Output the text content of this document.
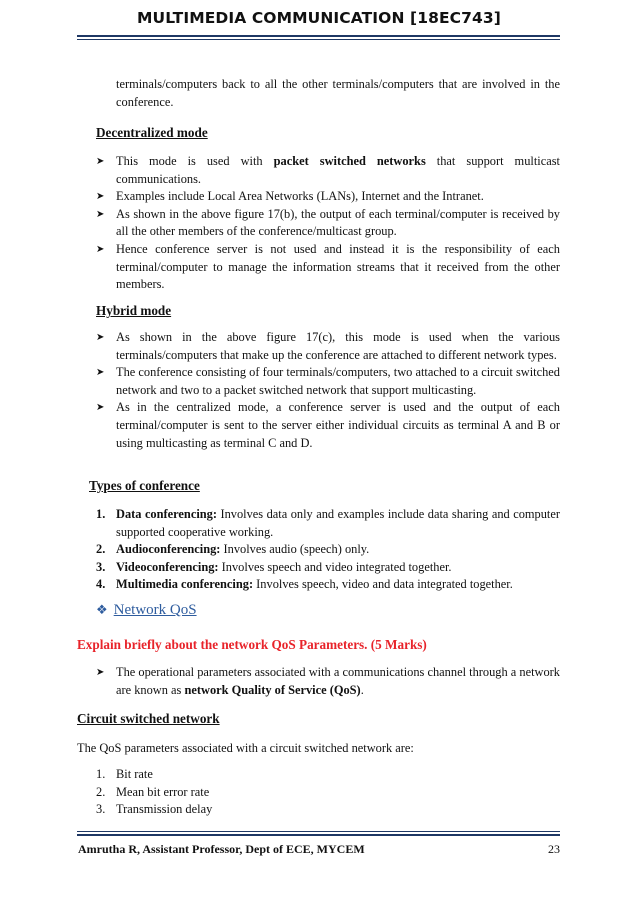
MULTIMEDIA COMMUNICATION [18EC743]
terminals/computers back to all the other terminals/computers that are involved in the conference.
Decentralized mode
➤ This mode is used with packet switched networks that support multicast communications.
➤ Examples include Local Area Networks (LANs), Internet and the Intranet.
➤ As shown in the above figure 17(b), the output of each terminal/computer is received by all the other members of the conference/multicast group.
➤ Hence conference server is not used and instead it is the responsibility of each terminal/computer to manage the information streams that it received from the other members.
Hybrid mode
➤ As shown in the above figure 17(c), this mode is used when the various terminals/computers that make up the conference are attached to different network types.
➤ The conference consisting of four terminals/computers, two attached to a circuit switched network and two to a packet switched network that support multicasting.
➤ As in the centralized mode, a conference server is used and the output of each terminal/computer is sent to the server either individual circuits as terminal A and B or using multicasting as terminal C and D.
Types of conference
1. Data conferencing: Involves data only and examples include data sharing and computer supported cooperative working.
2. Audioconferencing: Involves audio (speech) only.
3. Videoconferencing: Involves speech and video integrated together.
4. Multimedia conferencing: Involves speech, video and data integrated together.
❖ Network QoS
Explain briefly about the network QoS Parameters. (5 Marks)
➤ The operational parameters associated with a communications channel through a network are known as network Quality of Service (QoS).
Circuit switched network
The QoS parameters associated with a circuit switched network are:
1. Bit rate
2. Mean bit error rate
3. Transmission delay
Amrutha R, Assistant Professor, Dept of ECE, MYCEM	23
